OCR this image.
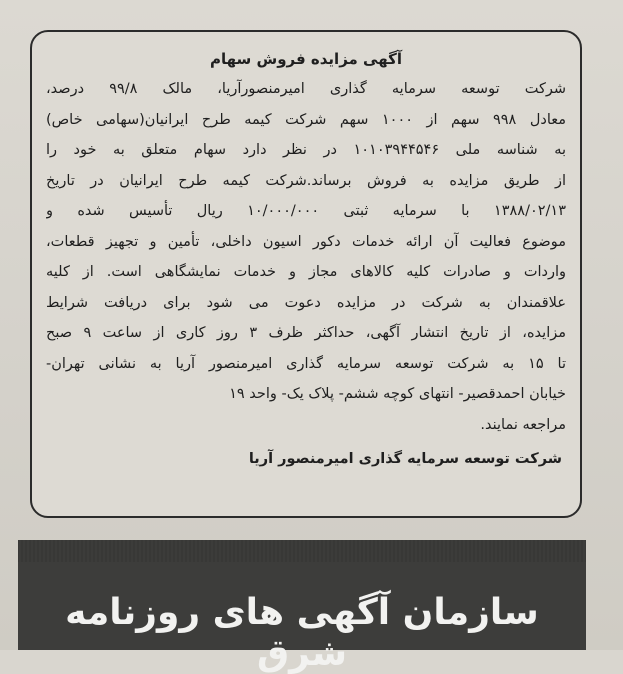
آگهی مزایده فروش سهام
شرکت توسعه سرمایه گذاری امیرمنصورآریا، مالک ۹۹/۸ درصد،
معادل ۹۹۸ سهم از ۱۰۰۰ سهم شرکت کیمه طرح ایرانیان(سهامی خاص)
به شناسه ملی ۱۰۱۰۳۹۴۴۵۴۶ در نظر دارد سهام متعلق به خود را
از طریق مزایده به فروش برساند.شرکت کیمه طرح ایرانیان در تاریخ
۱۳۸۸/۰۲/۱۳ با سرمایه ثبتی ۱۰/۰۰۰/۰۰۰ ریال تأسیس شده و
موضوع فعالیت آن ارائه خدمات دکور اسیون داخلی، تأمین و تجهیز قطعات،
واردات و صادرات کلیه کالاهای مجاز و خدمات نمایشگاهی است. از کلیه
علاقمندان به شرکت در مزایده دعوت می شود برای دریافت شرایط
مزایده، از تاریخ انتشار آگهی، حداکثر ظرف ۳ روز کاری از ساعت ۹ صبح
تا ۱۵ به شرکت توسعه سرمایه گذاری امیرمنصور آریا به نشانی تهران-
خیابان احمدقصیر- انتهای کوچه ششم- پلاک یک- واحد ۱۹
مراجعه نمایند.
شرکت توسعه سرمایه گذاری امیرمنصور آریا
سازمان آگهی های روزنامه شرق
